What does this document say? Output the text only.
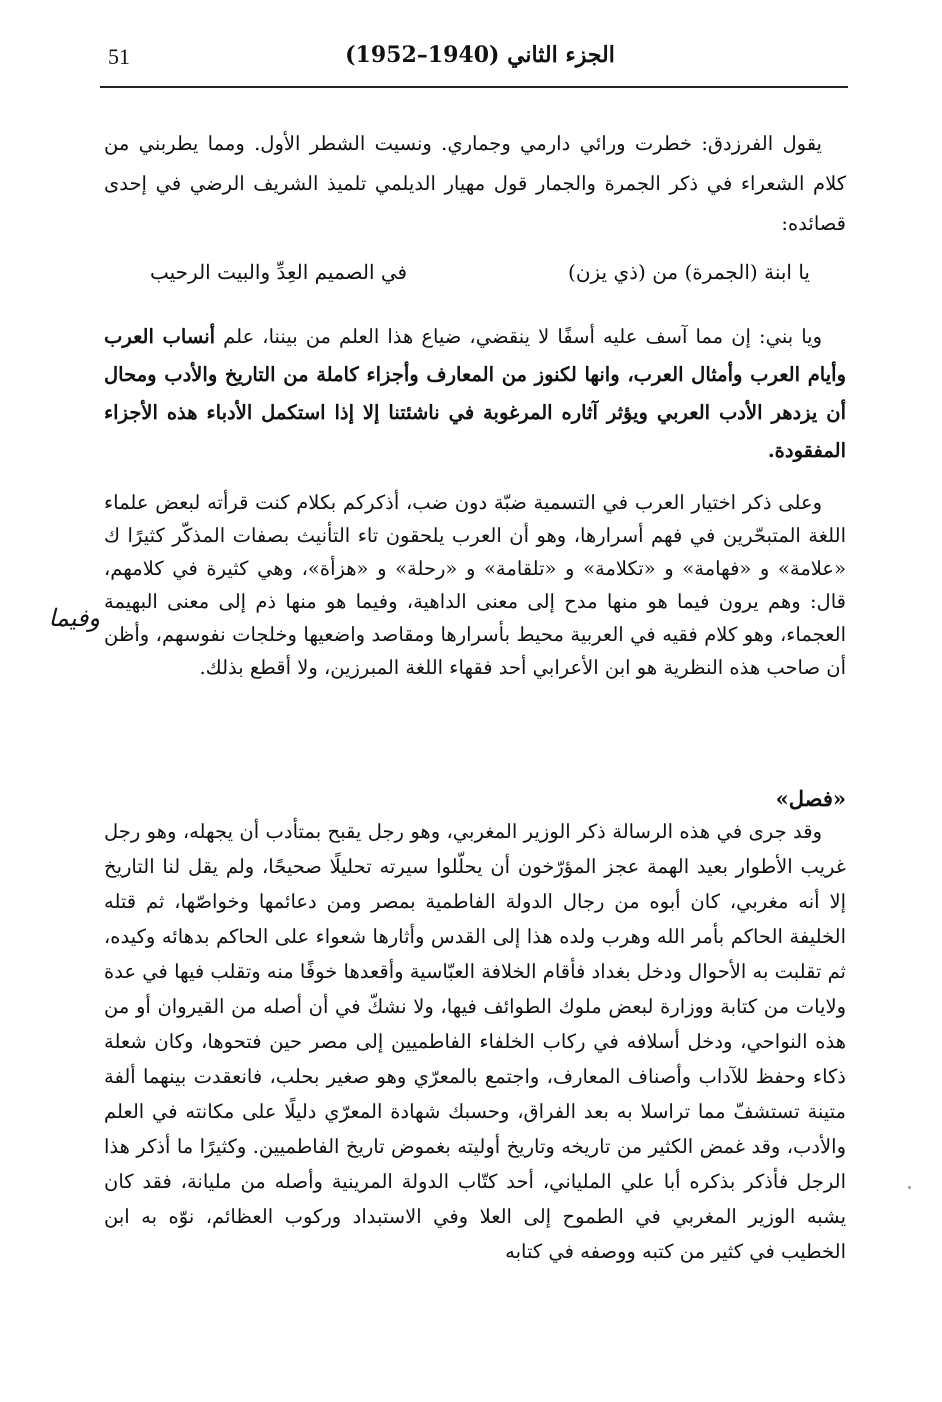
51	الجزء الثاني (1940–1952)
يقول الفرزدق: خطرت ورائي دارمي وجماري. ونسيت الشطر الأول. ومما يطربني من كلام الشعراء في ذكر الجمرة والجمار قول مهيار الديلمي تلميذ الشريف الرضي في إحدى قصائده:
يا ابنة (الجمرة) من (ذي يزن)
في الصميم العِدِّ والبيت الرحيب
ويا بني: إن مما آسف عليه أسفًا لا ينقضي، ضياع هذا العلم من بيننا، علم أنساب العرب وأيام العرب وأمثال العرب، وانها لكنوز من المعارف وأجزاء كاملة من التاريخ والأدب ومحال أن يزدهر الأدب العربي ويؤثر آثاره المرغوبة في ناشئتنا إلا إذا استكمل الأدباء هذه الأجزاء المفقودة.
وعلى ذكر اختيار العرب في التسمية ضبّة دون ضب، أذكركم بكلام كنت قرأته لبعض علماء اللغة المتبحّرين في فهم أسرارها، وهو أن العرب يلحقون تاء التأنيث بصفات المذكّر كثيرًا ك «علامة» و «فهامة» و «تكلامة» و «تلقامة» و «رحلة» و «هزأة»، وهي كثيرة في كلامهم، قال: وهم يرون فيما هو منها مدح إلى معنى الداهية، وفيما هو منها ذم إلى معنى البهيمة العجماء، وهو كلام فقيه في العربية محيط بأسرارها ومقاصد واضعيها وخلجات نفوسهم، وأظن أن صاحب هذه النظرية هو ابن الأعرابي أحد فقهاء اللغة المبرزين، ولا أقطع بذلك.
وفيما
«فصل»
وقد جرى في هذه الرسالة ذكر الوزير المغربي، وهو رجل يقبح بمتأدب أن يجهله، وهو رجل غريب الأطوار بعيد الهمة عجز المؤرّخون أن يحلّلوا سيرته تحليلًا صحيحًا، ولم يقل لنا التاريخ إلا أنه مغربي، كان أبوه من رجال الدولة الفاطمية بمصر ومن دعائمها وخواصّها، ثم قتله الخليفة الحاكم بأمر الله وهرب ولده هذا إلى القدس وأثارها شعواء على الحاكم بدهائه وكيده، ثم تقلبت به الأحوال ودخل بغداد فأقام الخلافة العبّاسية وأقعدها خوفًا منه وتقلب فيها في عدة ولايات من كتابة ووزارة لبعض ملوك الطوائف فيها، ولا نشكّ في أن أصله من القيروان أو من هذه النواحي، ودخل أسلافه في ركاب الخلفاء الفاطميين إلى مصر حين فتحوها، وكان شعلة ذكاء وحفظ للآداب وأصناف المعارف، واجتمع بالمعرّي وهو صغير بحلب، فانعقدت بينهما ألفة متينة تستشفّ مما تراسلا به بعد الفراق، وحسبك شهادة المعرّي دليلًا على مكانته في العلم والأدب، وقد غمض الكثير من تاريخه وتاريخ أوليته بغموض تاريخ الفاطميين. وكثيرًا ما أذكر هذا الرجل فأذكر بذكره أبا علي الملياني، أحد كتّاب الدولة المرينية وأصله من مليانة، فقد كان يشبه الوزير المغربي في الطموح إلى العلا وفي الاستبداد وركوب العظائم، نوّه به ابن الخطيب في كثير من كتبه ووصفه في كتابه
